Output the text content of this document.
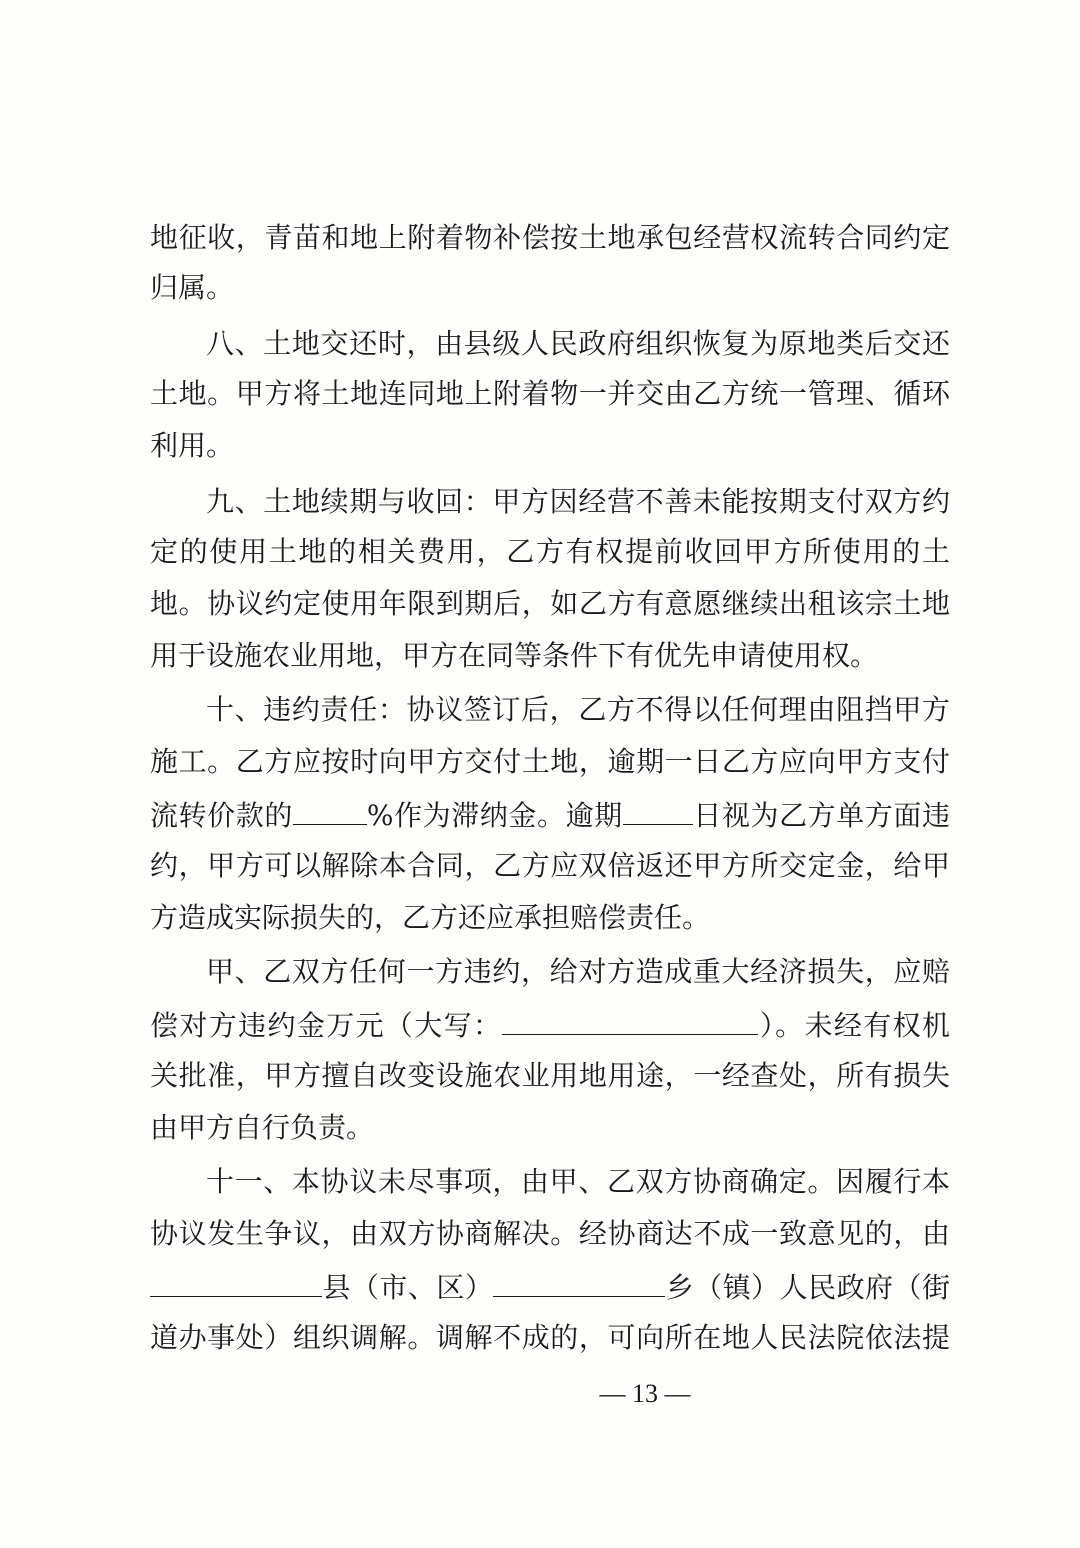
地征收，青苗和地上附着物补偿按土地承包经营权流转合同约定
归属。
八、土地交还时，由县级人民政府组织恢复为原地类后交还
土地。甲方将土地连同地上附着物一并交由乙方统一管理、循环
利用。
九、土地续期与收回：甲方因经营不善未能按期支付双方约
定的使用土地的相关费用，乙方有权提前收回甲方所使用的土
地。协议约定使用年限到期后，如乙方有意愿继续出租该宗土地
用于设施农业用地，甲方在同等条件下有优先申请使用权。
十、违约责任：协议签订后，乙方不得以任何理由阻挡甲方
施工。乙方应按时向甲方交付土地，逾期一日乙方应向甲方支付
流转价款的	%作为滞纳金。逾期	日视为乙方单方面违
约，甲方可以解除本合同，乙方应双倍返还甲方所交定金，给甲
方造成实际损失的，乙方还应承担赔偿责任。
甲、乙双方任何一方违约，给对方造成重大经济损失，应赔
偿对方违约金万元（大写：	）。未经有权机
关批准，甲方擅自改变设施农业用地用途，一经查处，所有损失
由甲方自行负责。
十一、本协议未尽事项，由甲、乙双方协商确定。因履行本
协议发生争议，由双方协商解决。经协商达不成一致意见的，由
县（市、区）	乡（镇）人民政府（街
道办事处）组织调解。调解不成的，可向所在地人民法院依法提
— 13 —
